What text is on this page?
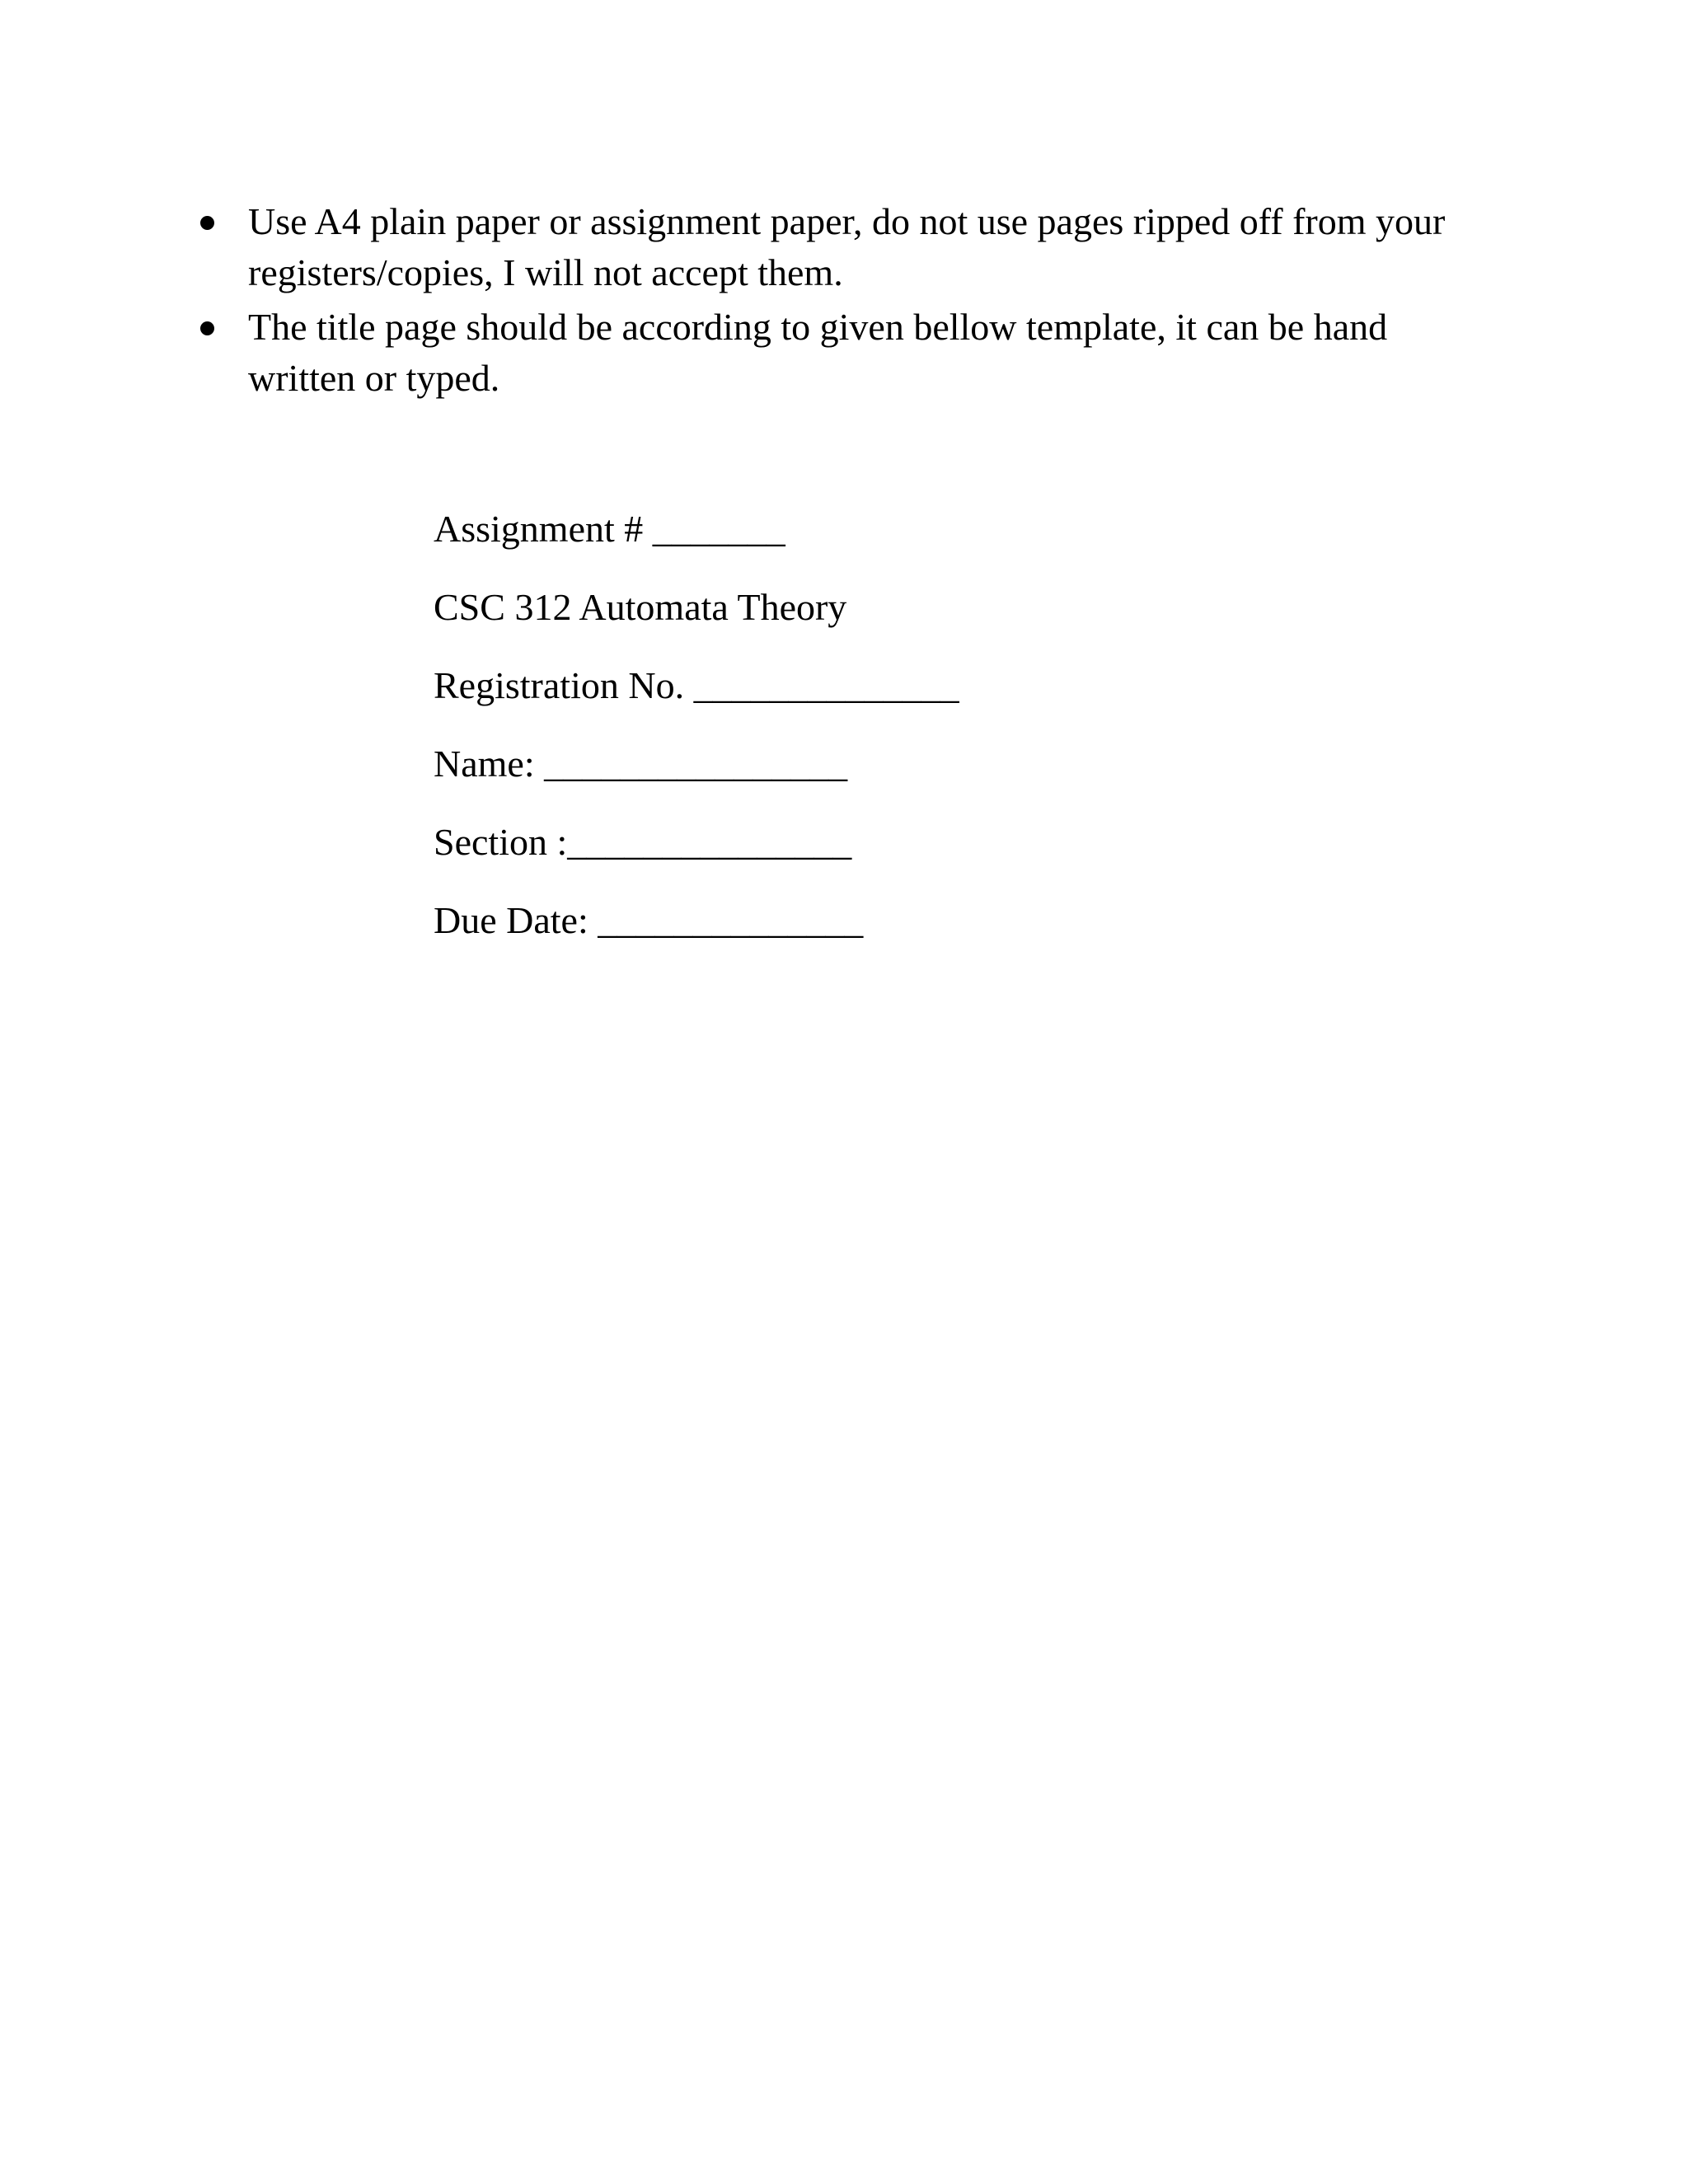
Use A4 plain paper or assignment paper, do not use pages ripped off from your registers/copies, I will not accept them.
The title page should be according to given bellow template, it can be hand written or typed.
Assignment # _______
CSC 312 Automata Theory
Registration No. ______________
Name: ________________
Section :_______________
Due Date: ______________
